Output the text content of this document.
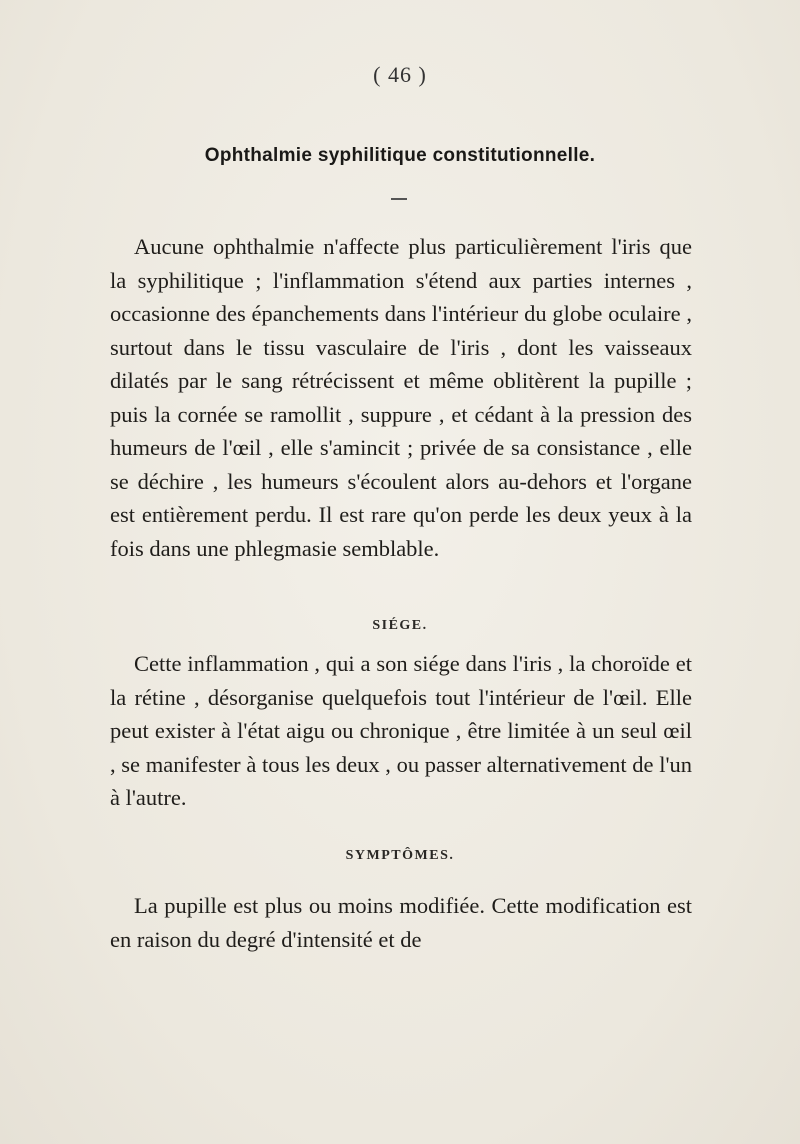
( 46 )
Ophthalmie syphilitique constitutionnelle.
Aucune ophthalmie n'affecte plus particulièrement l'iris que la syphilitique ; l'inflammation s'étend aux parties internes , occasionne des épanchements dans l'intérieur du globe oculaire , surtout dans le tissu vasculaire de l'iris , dont les vaisseaux dilatés par le sang rétrécissent et même oblitèrent la pupille ; puis la cornée se ramollit , suppure , et cédant à la pression des humeurs de l'œil , elle s'amincit ; privée de sa consistance , elle se déchire , les humeurs s'écoulent alors au-dehors et l'organe est entièrement perdu. Il est rare qu'on perde les deux yeux à la fois dans une phlegmasie semblable.
SIÉGE.
Cette inflammation , qui a son siége dans l'iris , la choroïde et la rétine , désorganise quelquefois tout l'intérieur de l'œil. Elle peut exister à l'état aigu ou chronique , être limitée à un seul œil , se manifester à tous les deux , ou passer alternativement de l'un à l'autre.
SYMPTÔMES.
La pupille est plus ou moins modifiée. Cette modification est en raison du degré d'intensité et de
